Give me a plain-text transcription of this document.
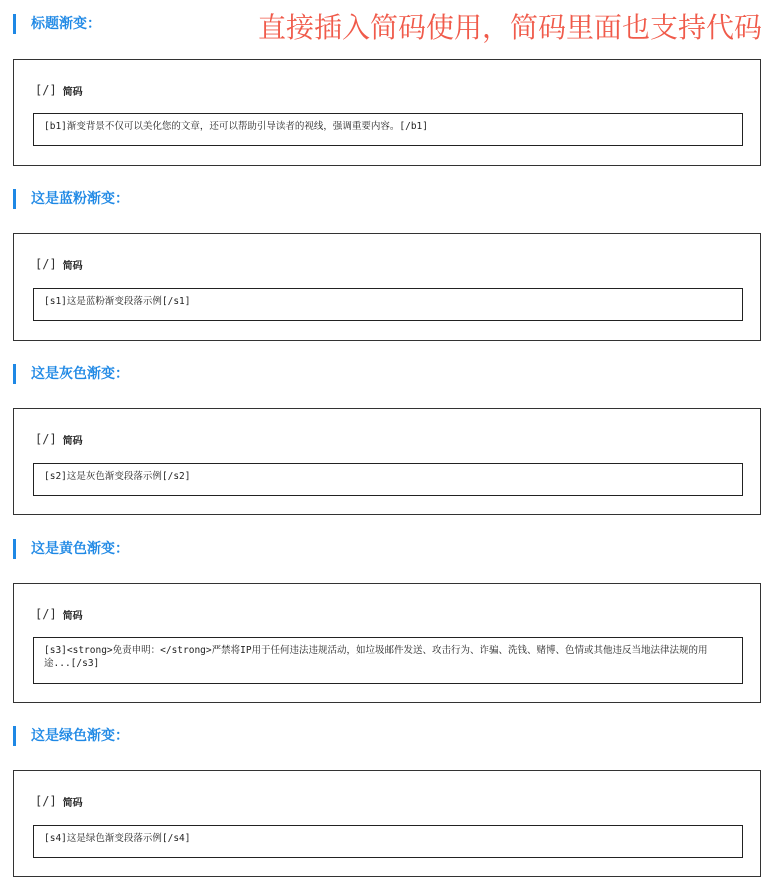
直接插入简码使用，简码里面也支持代码
标题渐变：
[/] 简码
[b1]渐变背景不仅可以美化您的文章，还可以帮助引导读者的视线，强调重要内容。[/b1]
这是蓝粉渐变：
[/] 简码
[s1]这是蓝粉渐变段落示例[/s1]
这是灰色渐变：
[/] 简码
[s2]这是灰色渐变段落示例[/s2]
这是黄色渐变：
[/] 简码
[s3]<strong>免责申明：</strong>严禁将IP用于任何违法违规活动，如垃圾邮件发送、攻击行为、诈骗、洗钱、赌博、色情或其他违反当地法律法规的用途...[/s3]
这是绿色渐变：
[/] 简码
[s4]这是绿色渐变段落示例[/s4]
